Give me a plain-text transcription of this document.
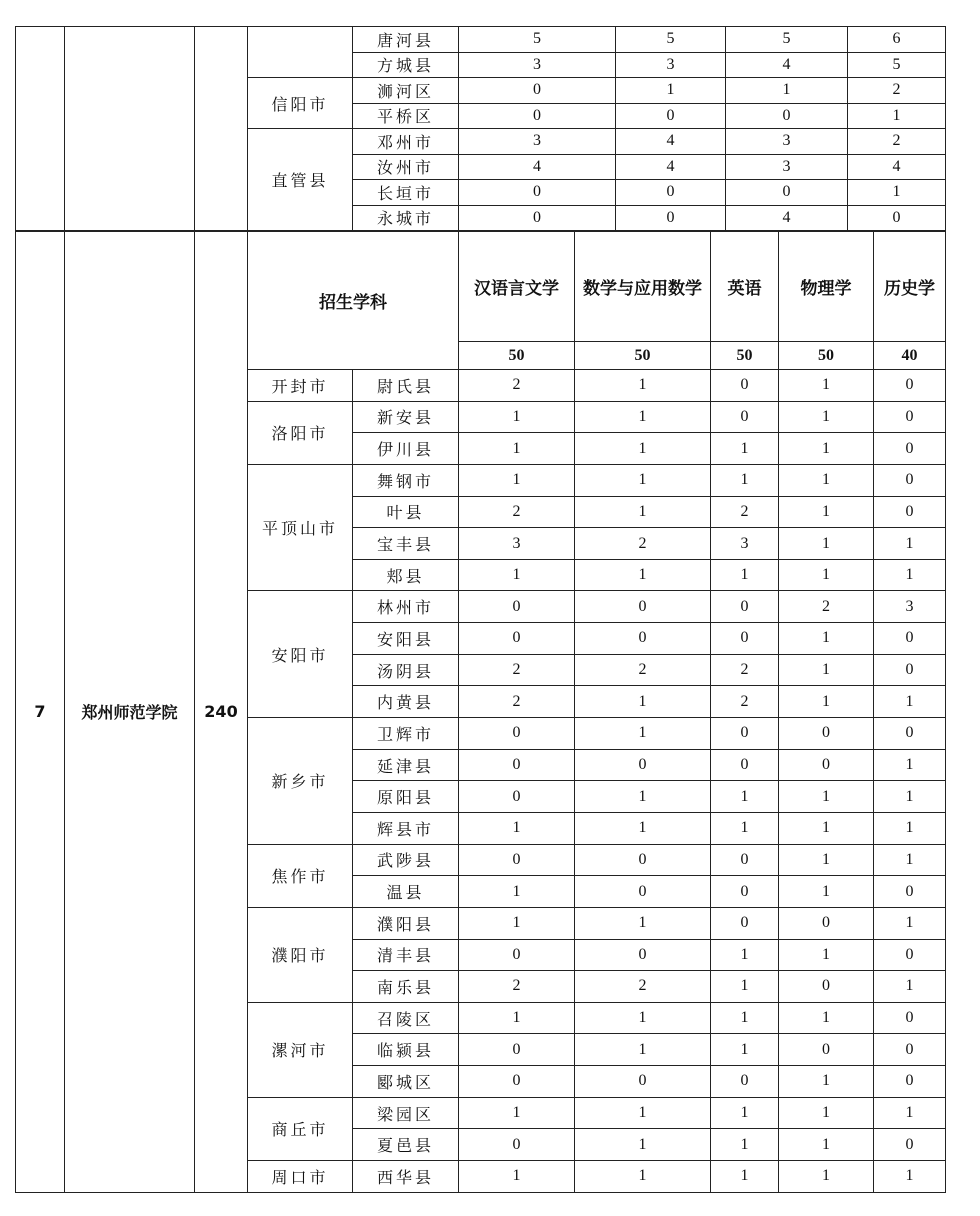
				唐河县	5	5	5	6
				方城县	3	3	4	5
			信阳市	浉河区	0	1	1	2
				平桥区	0	0	0	1
			直管县	邓州市	3	4	3	2
				汝州市	4	4	3	4
				长垣市	0	0	0	1
				永城市	0	0	4	0
7	郑州师范学院	240	招生学科		汉语言文学	数学与应用数学	英语	物理学	历史学
					50	50	50	50	40
			开封市	尉氏县	2	1	0	1	0
			洛阳市	新安县	1	1	0	1	0
				伊川县	1	1	1	1	0
			平顶山市	舞钢市	1	1	1	1	0
				叶县	2	1	2	1	0
				宝丰县	3	2	3	1	1
				郏县	1	1	1	1	1
			安阳市	林州市	0	0	0	2	3
				安阳县	0	0	0	1	0
				汤阴县	2	2	2	1	0
				内黄县	2	1	2	1	1
			新乡市	卫辉市	0	1	0	0	0
				延津县	0	0	0	0	1
				原阳县	0	1	1	1	1
				辉县市	1	1	1	1	1
			焦作市	武陟县	0	0	0	1	1
				温县	1	0	0	1	0
			濮阳市	濮阳县	1	1	0	0	1
				清丰县	0	0	1	1	0
				南乐县	2	2	1	0	1
			漯河市	召陵区	1	1	1	1	0
				临颍县	0	1	1	0	0
				郾城区	0	0	0	1	0
			商丘市	梁园区	1	1	1	1	1
				夏邑县	0	1	1	1	0
			周口市	西华县	1	1	1	1	1
